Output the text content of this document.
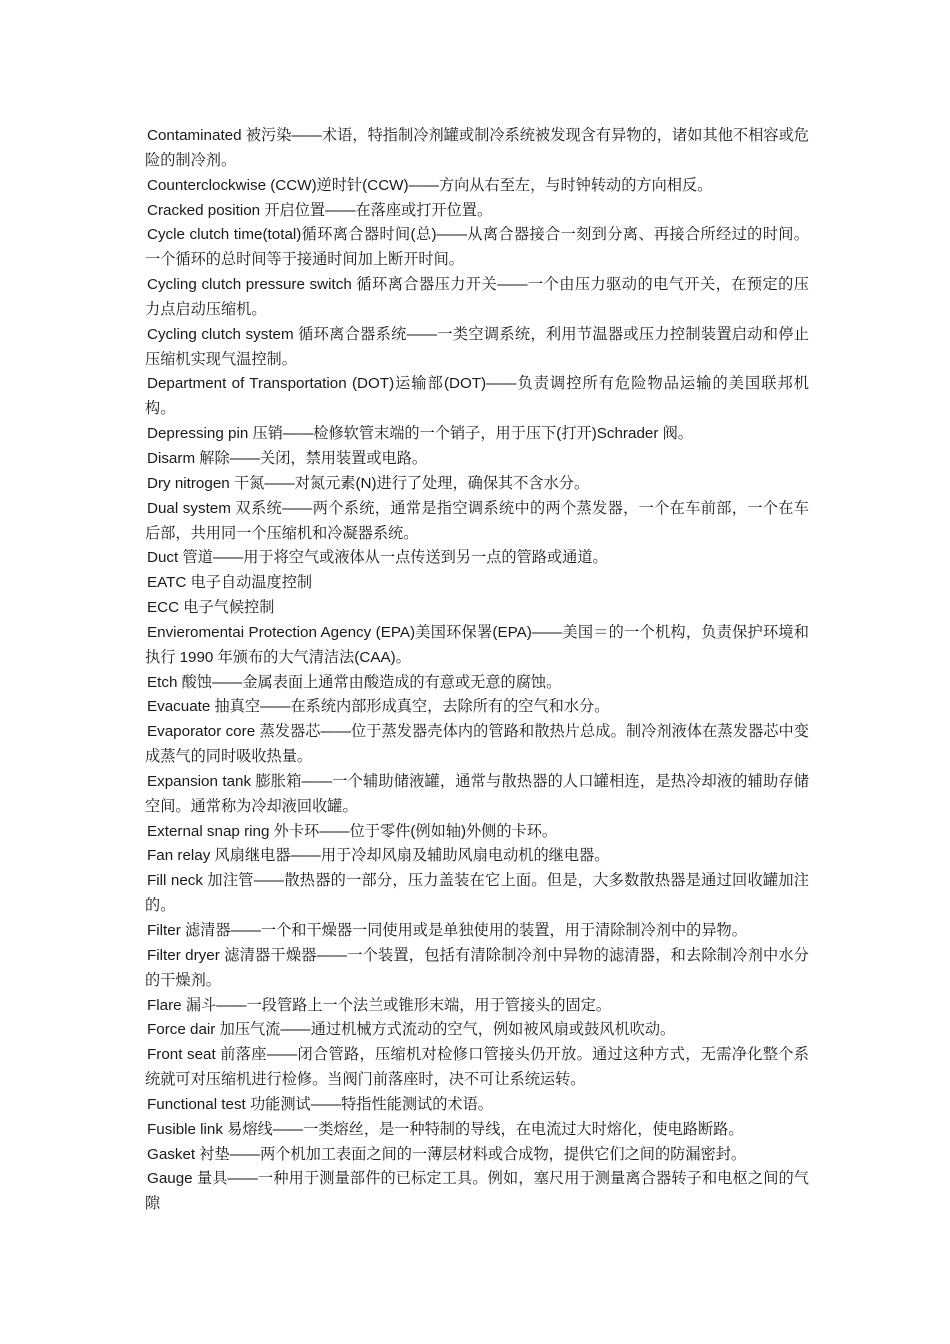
Contaminated 被污染——术语，特指制冷剂罐或制冷系统被发现含有异物的，诸如其他不相容或危险的制冷剂。

Counterclockwise (CCW)逆时针(CCW)——方向从右至左，与时钟转动的方向相反。

Cracked position 开启位置——在落座或打开位置。

Cycle clutch time(total)循环离合器时间(总)——从离合器接合一刻到分离、再接合所经过的时间。一个循环的总时间等于接通时间加上断开时间。

Cycling clutch pressure switch 循环离合器压力开关——一个由压力驱动的电气开关，在预定的压力点启动压缩机。

Cycling clutch system 循环离合器系统——一类空调系统，利用节温器或压力控制装置启动和停止压缩机实现气温控制。

Department of Transportation (DOT)运输部(DOT)——负责调控所有危险物品运输的美国联邦机构。

Depressing pin 压销——检修软管末端的一个销子，用于压下(打开)Schrader 阀。

Disarm 解除——关闭，禁用装置或电路。

Dry nitrogen 干氮——对氮元素(N)进行了处理，确保其不含水分。

Dual system 双系统——两个系统，通常是指空调系统中的两个蒸发器，一个在车前部，一个在车后部，共用同一个压缩机和冷凝器系统。

Duct 管道——用于将空气或液体从一点传送到另一点的管路或通道。

EATC 电子自动温度控制

ECC 电子气候控制

Envieromentai Protection Agency (EPA)美国环保署(EPA)——美国＝的一个机构，负责保护环境和执行 1990 年颁布的大气清洁法(CAA)。

Etch 酸蚀——金属表面上通常由酸造成的有意或无意的腐蚀。

Evacuate 抽真空——在系统内部形成真空，去除所有的空气和水分。

Evaporator core 蒸发器芯——位于蒸发器壳体内的管路和散热片总成。制冷剂液体在蒸发器芯中变成蒸气的同时吸收热量。

Expansion tank 膨胀箱——一个辅助储液罐，通常与散热器的人口罐相连，是热冷却液的辅助存储空间。通常称为冷却液回收罐。

External snap ring 外卡环——位于零件(例如轴)外侧的卡环。

Fan relay 风扇继电器——用于冷却风扇及辅助风扇电动机的继电器。

Fill neck 加注管——散热器的一部分，压力盖装在它上面。但是，大多数散热器是通过回收罐加注的。

Filter 滤清器——一个和干燥器一同使用或是单独使用的装置，用于清除制冷剂中的异物。

Filter dryer 滤清器干燥器——一个装置，包括有清除制冷剂中异物的滤清器，和去除制冷剂中水分的干燥剂。

Flare 漏斗——一段管路上一个法兰或锥形末端，用于管接头的固定。

Force dair 加压气流——通过机械方式流动的空气，例如被风扇或鼓风机吹动。

Front seat 前落座——闭合管路，压缩机对检修口管接头仍开放。通过这种方式，无需净化整个系统就可对压缩机进行检修。当阀门前落座时，决不可让系统运转。

Functional test 功能测试——特指性能测试的术语。

Fusible link 易熔线——一类熔丝，是一种特制的导线，在电流过大时熔化，使电路断路。

Gasket 衬垫——两个机加工表面之间的一薄层材料或合成物，提供它们之间的防漏密封。

Gauge 量具——一种用于测量部件的已标定工具。例如，塞尺用于测量离合器转子和电枢之间的气隙
